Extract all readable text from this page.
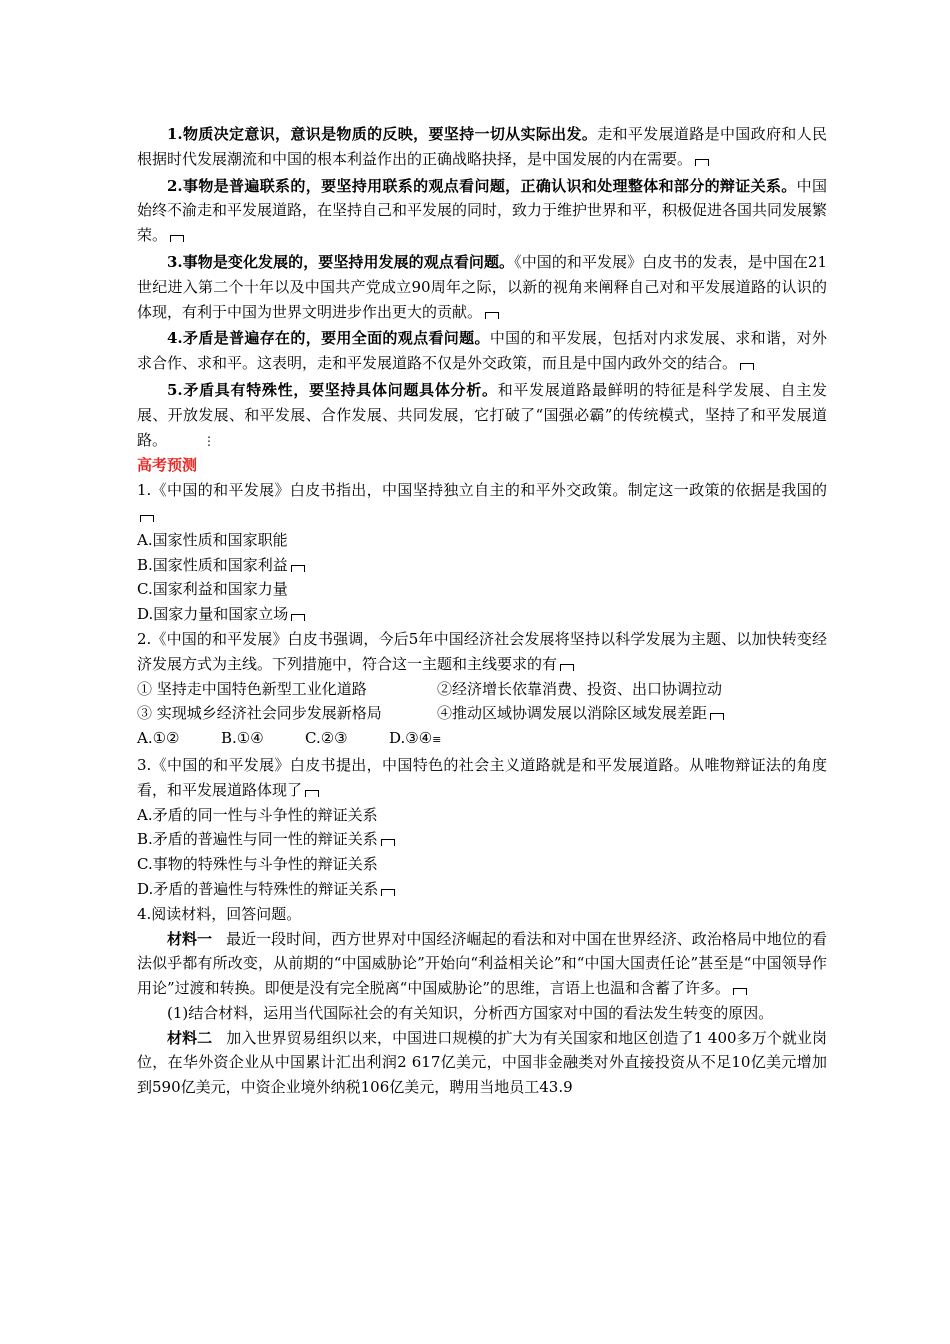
1.物质决定意识，意识是物质的反映，要坚持一切从实际出发。走和平发展道路是中国政府和人民根据时代发展潮流和中国的根本利益作出的正确战略抉择，是中国发展的内在需要。

2.事物是普遍联系的，要坚持用联系的观点看问题，正确认识和处理整体和部分的辩证关系。中国始终不渝走和平发展道路，在坚持自己和平发展的同时，致力于维护世界和平，积极促进各国共同发展繁荣。

3.事物是变化发展的，要坚持用发展的观点看问题。《中国的和平发展》白皮书的发表，是中国在21世纪进入第二个十年以及中国共产党成立90周年之际，以新的视角来阐释自己对和平发展道路的认识的体现，有利于中国为世界文明进步作出更大的贡献。

4.矛盾是普遍存在的，要用全面的观点看问题。中国的和平发展，包括对内求发展、求和谐，对外求合作、求和平。这表明，走和平发展道路不仅是外交政策，而且是中国内政外交的结合。

5.矛盾具有特殊性，要坚持具体问题具体分析。和平发展道路最鲜明的特征是科学发展、自主发展、开放发展、和平发展、合作发展、共同发展，它打破了“国强必霸”的传统模式，坚持了和平发展道路。	⋮

高考预测

1.《中国的和平发展》白皮书指出，中国坚持独立自主的和平外交政策。制定这一政策的依据是我国的

A.国家性质和国家职能

B.国家性质和国家利益

C.国家利益和国家力量

D.国家力量和国家立场

2.《中国的和平发展》白皮书强调，今后5年中国经济社会发展将坚持以科学发展为主题、以加快转变经济发展方式为主线。下列措施中，符合这一主题和主线要求的有

① 坚持走中国特色新型工业化道路	②经济增长依靠消费、投资、出口协调拉动
③ 实现城乡经济社会同步发展新格局	④推动区域协调发展以消除区域发展差距

A.①②	B.①④	C.②③	D.③④≡

3.《中国的和平发展》白皮书提出，中国特色的社会主义道路就是和平发展道路。从唯物辩证法的角度看，和平发展道路体现了

A.矛盾的同一性与斗争性的辩证关系

B.矛盾的普遍性与同一性的辩证关系

C.事物的特殊性与斗争性的辩证关系

D.矛盾的普遍性与特殊性的辩证关系

4.阅读材料，回答问题。

材料一 最近一段时间，西方世界对中国经济崛起的看法和对中国在世界经济、政治格局中地位的看法似乎都有所改变，从前期的“中国威胁论”开始向“利益相关论”和“中国大国责任论”甚至是“中国领导作用论”过渡和转换。即便是没有完全脱离“中国威胁论”的思维，言语上也温和含蓄了许多。

(1)结合材料，运用当代国际社会的有关知识，分析西方国家对中国的看法发生转变的原因。

材料二 加入世界贸易组织以来，中国进口规模的扩大为有关国家和地区创造了1 400多万个就业岗位，在华外资企业从中国累计汇出利润2 617亿美元，中国非金融类对外直接投资从不足10亿美元增加到590亿美元，中资企业境外纳税106亿美元，聘用当地员工43.9
